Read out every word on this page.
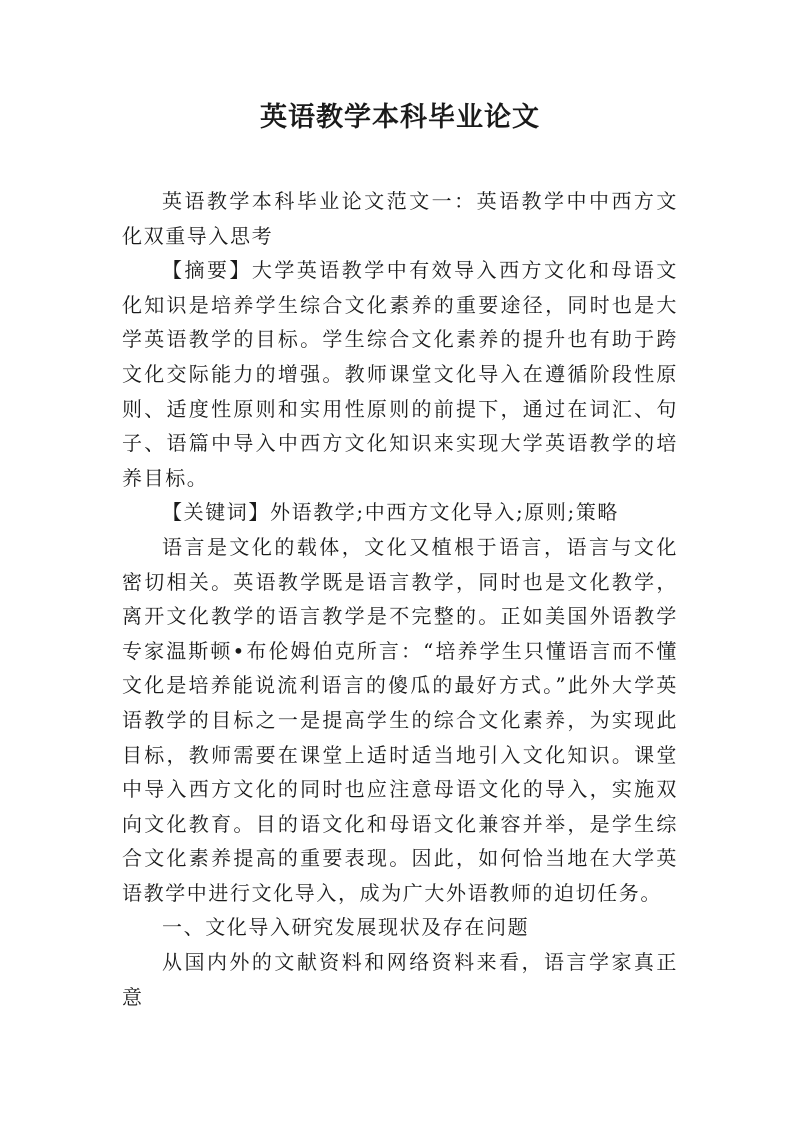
英语教学本科毕业论文

英语教学本科毕业论文范文一：英语教学中中西方文化双重导入思考

【摘要】大学英语教学中有效导入西方文化和母语文化知识是培养学生综合文化素养的重要途径，同时也是大学英语教学的目标。学生综合文化素养的提升也有助于跨文化交际能力的增强。教师课堂文化导入在遵循阶段性原则、适度性原则和实用性原则的前提下，通过在词汇、句子、语篇中导入中西方文化知识来实现大学英语教学的培养目标。

【关键词】外语教学;中西方文化导入;原则;策略

语言是文化的载体，文化又植根于语言，语言与文化密切相关。英语教学既是语言教学，同时也是文化教学，离开文化教学的语言教学是不完整的。正如美国外语教学专家温斯顿•布伦姆伯克所言：“培养学生只懂语言而不懂文化是培养能说流利语言的傻瓜的最好方式。”此外大学英语教学的目标之一是提高学生的综合文化素养，为实现此目标，教师需要在课堂上适时适当地引入文化知识。课堂中导入西方文化的同时也应注意母语文化的导入，实施双向文化教育。目的语文化和母语文化兼容并举，是学生综合文化素养提高的重要表现。因此，如何恰当地在大学英语教学中进行文化导入，成为广大外语教师的迫切任务。

一、文化导入研究发展现状及存在问题

从国内外的文献资料和网络资料来看，语言学家真正意
